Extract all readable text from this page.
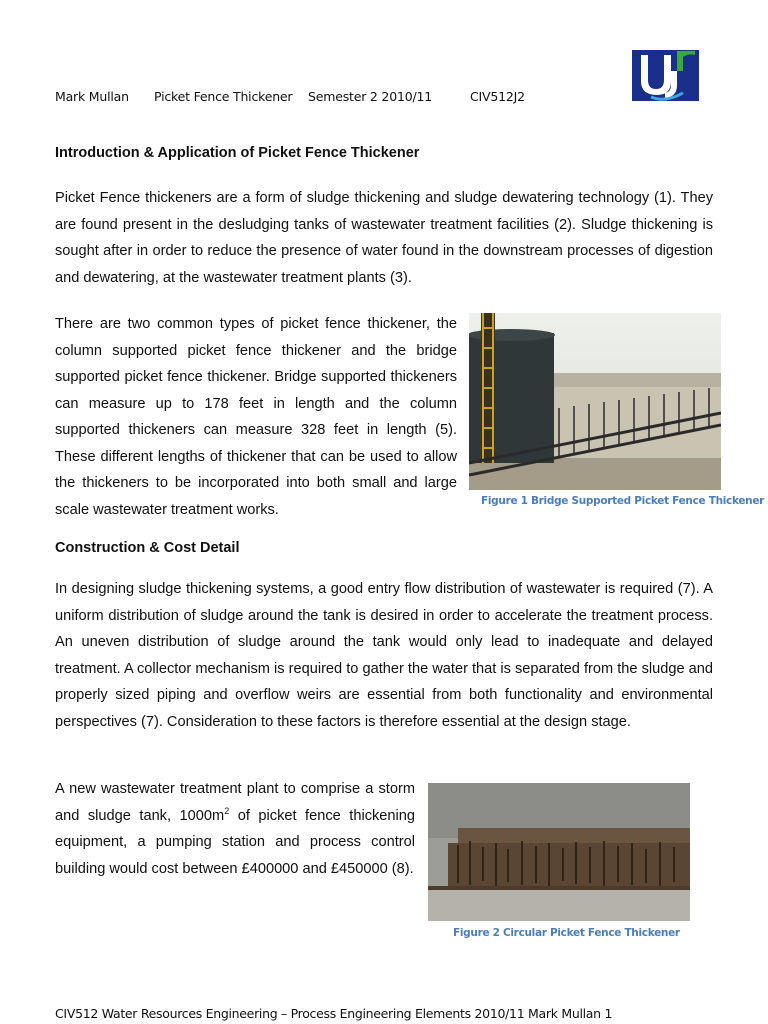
Mark Mullan Picket Fence Thickener Semester 2 2010/11	CIV512J2
Introduction & Application of Picket Fence Thickener

Picket Fence thickeners are a form of sludge thickening and sludge dewatering technology (1). They are found present in the desludging tanks of wastewater treatment facilities (2). Sludge thickening is sought after in order to reduce the presence of water found in the downstream processes of digestion and dewatering, at the wastewater treatment plants (3).

There are two common types of picket fence thickener, the column supported picket fence thickener and the bridge supported picket fence thickener. Bridge supported thickeners can measure up to 178 feet in length and the column supported thickeners can measure 328 feet in length (5). These different lengths of thickener that can be used to allow the thickeners to be incorporated into both small and large scale wastewater treatment works.

Figure 1 Bridge Supported Picket Fence Thickener
Construction & Cost Detail

In designing sludge thickening systems, a good entry flow distribution of wastewater is required (7). A uniform distribution of sludge around the tank is desired in order to accelerate the treatment process. An uneven distribution of sludge around the tank would only lead to inadequate and delayed treatment. A collector mechanism is required to gather the water that is separated from the sludge and properly sized piping and overflow weirs are essential from both functionality and environmental perspectives (7). Consideration to these factors is therefore essential at the design stage.

A new wastewater treatment plant to comprise a storm and sludge tank, $1000m^2$ of picket fence thickening equipment, a pumping station and process control building would cost between £400000 and £450000 (8).

Figure 2 Circular Picket Fence Thickener
CIV512 Water Resources Engineering – Process Engineering Elements 2010/11 Mark Mullan 1
